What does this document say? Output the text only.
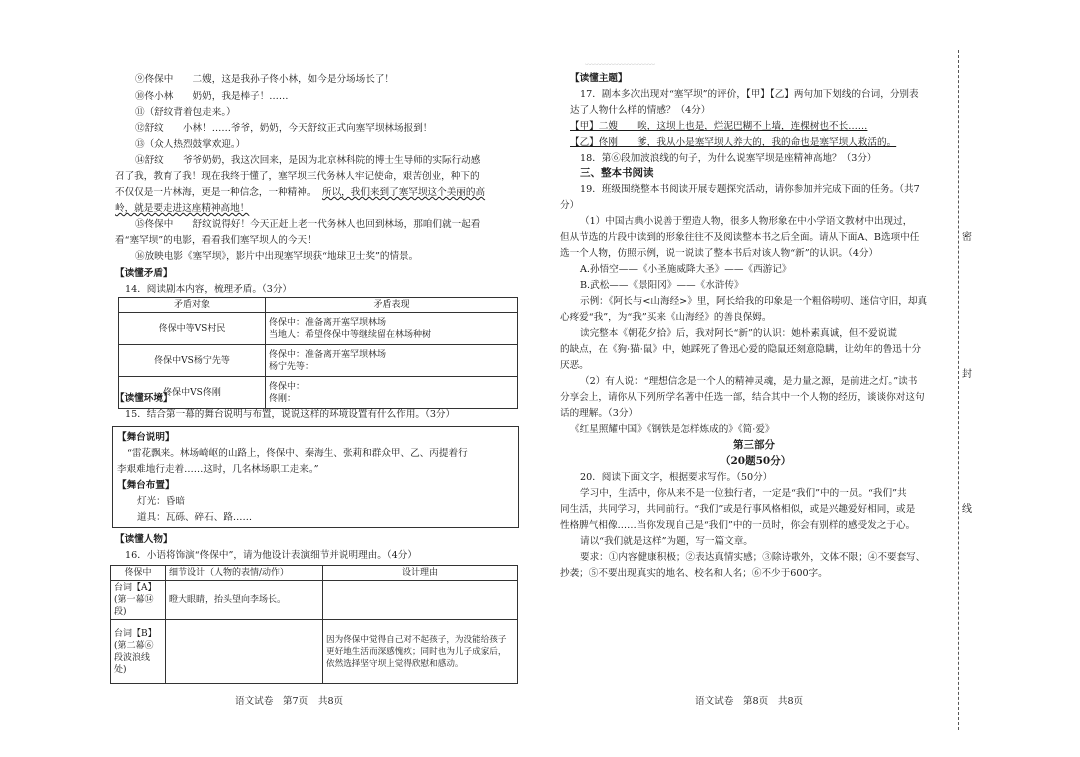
⑨佟保中　　二嫂，这是我孙子佟小林，如今是分场场长了！
⑩佟小林　　奶奶，我是棒子！……
⑪（舒纹背着包走来。）
⑫舒纹　　小林！……爷爷，奶奶，今天舒纹正式向塞罕坝林场报到！
⑬（众人热烈鼓掌欢迎。）
⑭舒纹　　爷爷奶奶，我这次回来，是因为北京林科院的博士生导师的实际行动感
召了我，教育了我！现在我终于懂了，塞罕坝三代务林人牢记使命，艰苦创业，种下的
不仅仅是一片林海，更是一种信念，一种精神。 所以，我们来到了塞罕坝这个美丽的高
岭，就是要走进这座精神高地！
⑮佟保中　　舒纹说得好！今天正赶上老一代务林人也回到林场，那咱们就一起看
看“塞罕坝”的电影，看看我们塞罕坝人的今天！
⑯放映电影《塞罕坝》，影片中出现塞罕坝获“地球卫士奖”的情景。
【读懂矛盾】
14．阅读剧本内容，梳理矛盾。（3分）
矛盾对象	矛盾表现
佟保中等VS村民	佟保中：准备离开塞罕坝林场
当地人：希望佟保中等继续留在林场种树

佟保中VS杨宁先等	佟保中：准备离开塞罕坝林场
杨宁先等：

佟保中VS佟刚	佟保中：
佟刚：
【读懂环境】
15．结合第一幕的舞台说明与布置，说说这样的环境设置有什么作用。（3分）
【舞台说明】
“雷花飘来。林场崎岖的山路上，佟保中、秦海生、张莉和群众甲、乙、丙提着行
李艰难地行走着……这时，几名林场职工走来。”
【舞台布置】
灯光：昏暗
道具：瓦砾、碎石、路……
【读懂人物】
16．小语将饰演“佟保中”，请为他设计表演细节并说明理由。（4分）
佟保中	细节设计（人物的表情/动作）	设计理由
台词【A】(第一幕⑭段)	瞪大眼睛，抬头望向李场长。	
台词【B】(第二幕⑥段波浪线处)		因为佟保中觉得自己对不起孩子，为没能给孩子更好地生活而深感愧疚；同时也为儿子成家后，依然选择坚守坝上觉得欣慰和感动。
语文试卷　第7页　共8页
﹏﹏﹏﹏﹏﹏﹏
【读懂主题】
17．剧本多次出现对“塞罕坝”的评价，【甲】【乙】两句加下划线的台词，分别表
达了人物什么样的情感？（4分）
【甲】二嫂　　唉，这坝上也是，烂泥巴糊不上墙，连棵树也不长……
【乙】佟刚　　爹，我从小是塞罕坝人养大的，我的命也是塞罕坝人救活的。
18．第⑥段加波浪线的句子，为什么说塞罕坝是座精神高地？（3分）
三、整本书阅读
19．班级围绕整本书阅读开展专题探究活动，请你参加并完成下面的任务。（共7
分）
（1）中国古典小说善于塑造人物，很多人物形象在中小学语文教材中出现过，
但从节选的片段中读到的形象往往不及阅读整本书之后全面。请从下面A、B选项中任
选一个人物，仿照示例，说一说读了整本书后对该人物“新”的认识。（4分）
A.孙悟空——《小圣施威降大圣》——《西游记》
B.武松——《景阳冈》——《水浒传》
示例：《阿长与<山海经>》里，阿长给我的印象是一个粗俗唠叨、迷信守旧，却真
心疼爱“我”，为“我”买来《山海经》的善良保姆。
读完整本《朝花夕拾》后，我对阿长“新”的认识：她朴素真诚，但不爱说谎
的缺点，在《狗·猫·鼠》中，她踩死了鲁迅心爱的隐鼠还刻意隐瞒，让幼年的鲁迅十分
厌恶。
（2）有人说：“理想信念是一个人的精神灵魂，是力量之源，是前进之灯。”读书
分享会上，请你从下列所学名著中任选一部，结合其中一个人物的经历，谈谈你对这句
话的理解。（3分）
《红星照耀中国》《钢铁是怎样炼成的》《简·爱》
第三部分
（20题50分）
20．阅读下面文字，根据要求写作。（50分）
学习中，生活中，你从来不是一位独行者，一定是“我们”中的一员。“我们”共
同生活，共同学习，共同前行。“我们”或是行事风格相似，或是兴趣爱好相同，或是
性格脾气相像……当你发现自己是“我们”中的一员时，你会有别样的感受发之于心。
请以“我们就是这样”为题，写一篇文章。
要求：①内容健康积极；②表达真情实感；③除诗歌外，文体不限；④不要套写、
抄袭；⑤不要出现真实的地名、校名和人名；⑥不少于600字。
语文试卷　第8页　共8页
密
封
线
